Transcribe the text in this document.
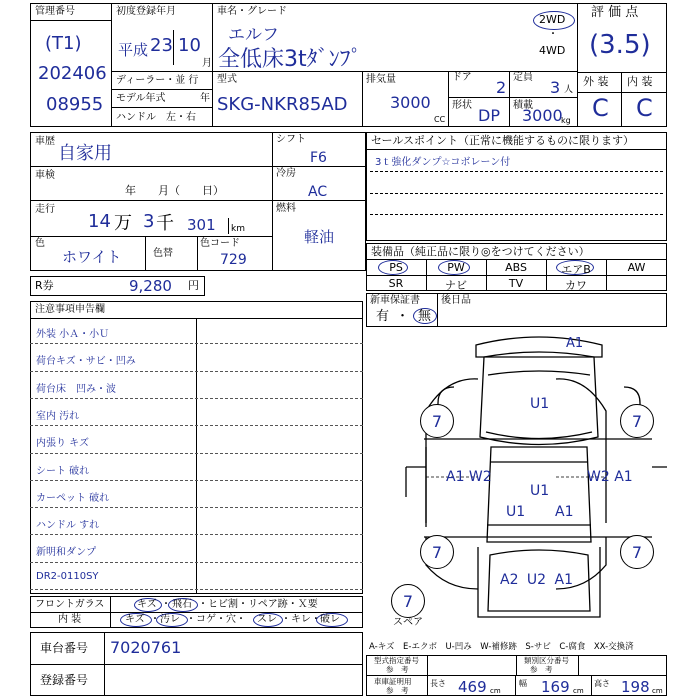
管理番号
(T1)
202406
08955
初度登録年月
平成 23 10
月
車名・グレード
エルフ
全低床3tﾀﾞﾝﾌﾟ
2WD
・
4WD
評 価 点
(3.5)
ディーラー・並 行
モデル年式	年
ハンドル　左・右
型式
SKG-NKR85AD
排気量
3000
CC
ドア
2
定員
3 人
形状
DP
積載
3000
kg
外 装 内 装
C C
車歴
自家用
車検
年　　月（　　日）
走行
14 万 3 千 301 km
色
ホワイト	色替
色コード
729
シフト
F6
冷房
AC
燃料
軽油
R券	9,280 円
セールスポイント（正常に機能するものに限ります）
3ｔ強化ダンプ☆コボレーン付
装備品（純正品に限り◎をつけてください）
PS	PW	ABS	エアB	AW
SR	ナビ	TV	カワ
新車保証書 後日品
有 ・ 無
注意事項申告欄
外装 小Ａ・小Ｕ
荷台キズ・サビ・凹み
荷台床　凹み・波
室内 汚れ
内張り キズ
シート 破れ
カーペット 破れ
ハンドル すれ
新明和ダンプ
DR2-0110SY
A1
U1
A1 W2	W2 A1
U1
U1 A1
A2 U2 A1
7	7
7	7
7
スペア
フロントガラス
内 装
キズ ・ 飛石 ・ヒビ割・リペア跡・Ｘ要
キズ ・ 汚レ ・コゲ・穴・ スレ ・キレ・ 破レ
車台番号 7020761
登録番号
A-キズ　E-エクボ　U-凹み　W-補修跡　S-サビ　C-腐食　XX-交換済
型式指定番号
参　考
類別区分番号
参　考
車庫証明用
参　考
長さ 469 cm
幅 169 cm
高さ 198 cm
